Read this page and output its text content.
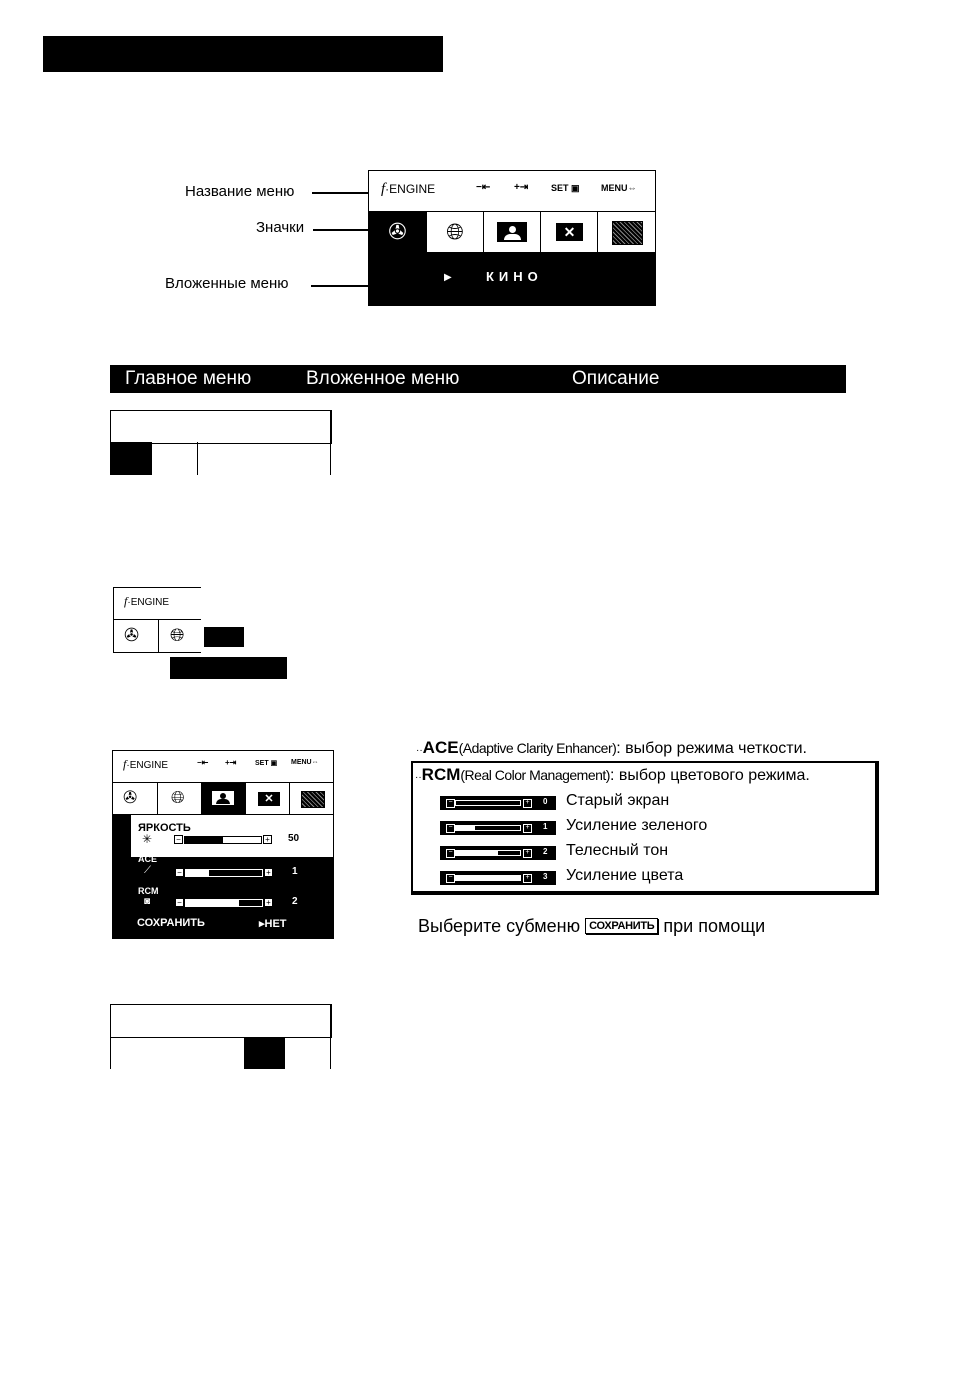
Название меню
Значки
Вложенные меню
f·ENGINE	−⇤ +⇥	SET ▣ MENU⇔
✇	🌐︎	✕
▶	КИНО
Главное меню	Вложенное меню	Описание
f·ENGINE
✇ 🌐︎
f·ENGINE	−⇤ +⇥	SET ▣ MENU⇔
✇ 🌐︎	✕
ЯРКОСТЬ
✳	−	+ 50
ACE
⟋	−	+ 1
RCM
◙	−	+ 2
СОХРАНИТЬ	▸НЕТ
··ACE(Adaptive Clarity Enhancer): выбор режима четкости.
··RCM(Real Color Management): выбор цветового режима.
−	+	0 Старый экран
−	+	1 Усиление зеленого
−	+	2 Телесный тон
−	+	3 Усиление цвета
Выберите субменю СОХРАНИТЬ при помощи
